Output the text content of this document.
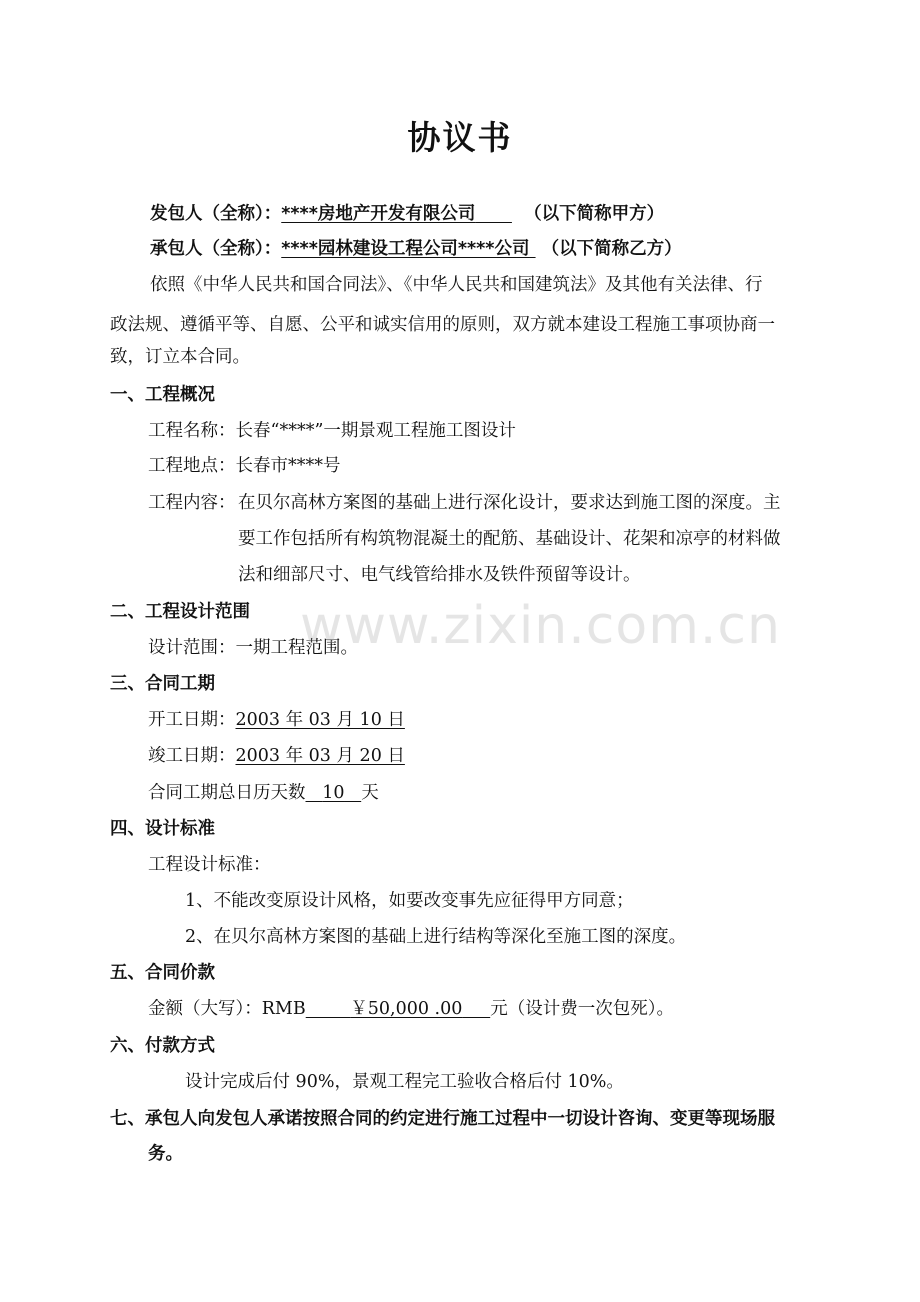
协议书
发包人（全称）：****房地产开发有限公司	（以下简称甲方）
承包人（全称）：****园林建设工程公司****公司 （以下简称乙方）
依照《中华人民共和国合同法》、《中华人民共和国建筑法》及其他有关法律、行
政法规、遵循平等、自愿、公平和诚实信用的原则，双方就本建设工程施工事项协商一
致，订立本合同。
一、工程概况
工程名称：长春“****”一期景观工程施工图设计
工程地点：长春市****号
工程内容： 在贝尔高林方案图的基础上进行深化设计，要求达到施工图的深度。主
要工作包括所有构筑物混凝土的配筋、基础设计、花架和凉亭的材料做
法和细部尺寸、电气线管给排水及铁件预留等设计。
二、工程设计范围
设计范围：一期工程范围。
三、合同工期
开工日期：2003 年 03 月 10 日
竣工日期：2003 年 03 月 20 日
合同工期总日历天数 10 天
四、设计标准
工程设计标准：
1、不能改变原设计风格，如要改变事先应征得甲方同意；
2、在贝尔高林方案图的基础上进行结构等深化至施工图的深度。
五、合同价款
金额（大写）：RMB	￥50,000 .00 元（设计费一次包死）。
六、付款方式
设计完成后付 90%，景观工程完工验收合格后付 10%。
七、承包人向发包人承诺按照合同的约定进行施工过程中一切设计咨询、变更等现场服
务。
www.zixin.com.cn
